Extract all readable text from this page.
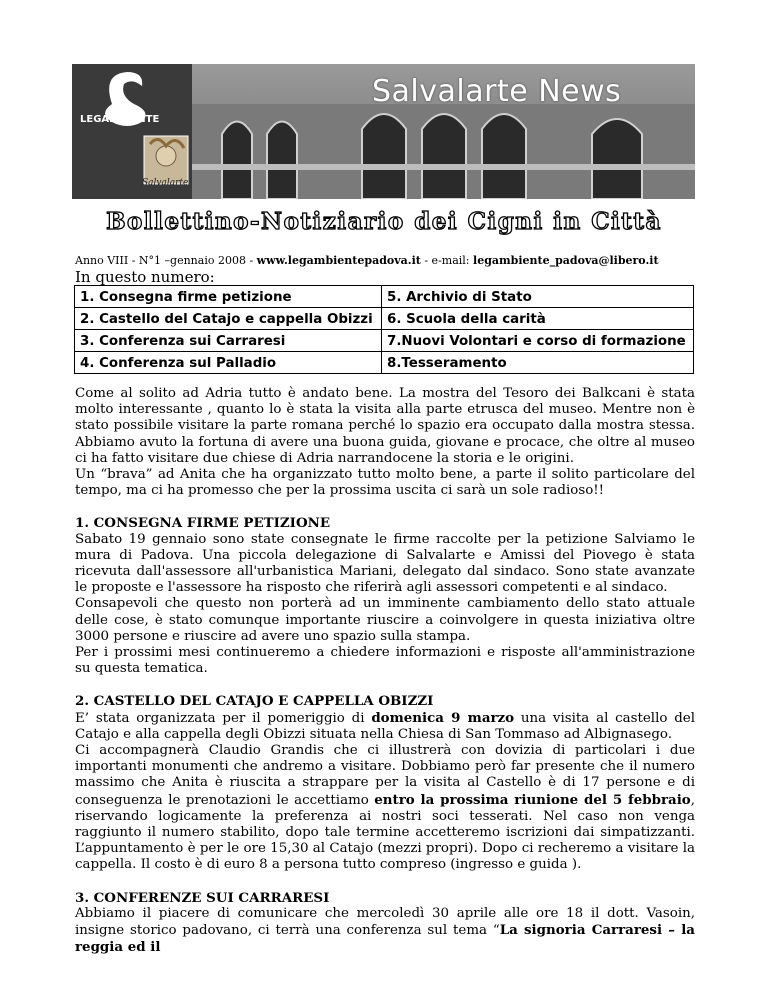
Salvalarte News
LEGAMBIENTE
Salvalarte
Bollettino-Notiziario dei Cigni in Città
Anno VIII - N°1 –gennaio 2008 - www.legambientepadova.it - e-mail: legambiente_padova@libero.it
In questo numero:
1. Consegna firme petizione	5. Archivio di Stato
2. Castello del Catajo e cappella Obizzi	6. Scuola della carità
3. Conferenza sui Carraresi	7.Nuovi Volontari e corso di formazione
4. Conferenza sul Palladio	8.Tesseramento

Come al solito ad Adria tutto è andato bene. La mostra del Tesoro dei Balkcani è stata molto interessante , quanto lo è stata la visita alla parte etrusca del museo. Mentre non è stato possibile visitare la parte romana perché lo spazio era occupato dalla mostra stessa. Abbiamo avuto la fortuna di avere una buona guida, giovane e procace, che oltre al museo ci ha fatto visitare due chiese di Adria narrandocene la storia e le origini.

Un “brava” ad Anita che ha organizzato tutto molto bene, a parte il solito particolare del tempo, ma ci ha promesso che per la prossima uscita ci sarà un sole radioso!!

1. CONSEGNA FIRME PETIZIONE

Sabato 19 gennaio sono state consegnate le firme raccolte per la petizione Salviamo le mura di Padova. Una piccola delegazione di Salvalarte e Amissi del Piovego è stata ricevuta dall'assessore all'urbanistica Mariani, delegato dal sindaco. Sono state avanzate le proposte e l'assessore ha risposto che riferirà agli assessori competenti e al sindaco.

Consapevoli che questo non porterà ad un imminente cambiamento dello stato attuale delle cose, è stato comunque importante riuscire a coinvolgere in questa iniziativa oltre 3000 persone e riuscire ad avere uno spazio sulla stampa.

Per i prossimi mesi continueremo a chiedere informazioni e risposte all'amministrazione su questa tematica.

2. CASTELLO DEL CATAJO E CAPPELLA OBIZZI

E’ stata organizzata per il pomeriggio di domenica 9 marzo una visita al castello del Catajo e alla cappella degli Obizzi situata nella Chiesa di San Tommaso ad Albignasego.

Ci accompagnerà Claudio Grandis che ci illustrerà con dovizia di particolari i due importanti monumenti che andremo a visitare. Dobbiamo però far presente che il numero massimo che Anita è riuscita a strappare per la visita al Castello è di 17 persone e di conseguenza le prenotazioni le accettiamo entro la prossima riunione del 5 febbraio, riservando logicamente la preferenza ai nostri soci tesserati. Nel caso non venga raggiunto il numero stabilito, dopo tale termine accetteremo iscrizioni dai simpatizzanti. L’appuntamento è per le ore 15,30 al Catajo (mezzi propri). Dopo ci recheremo a visitare la cappella. Il costo è di euro 8 a persona tutto compreso (ingresso e guida ).

3. CONFERENZE SUI CARRARESI

Abbiamo il piacere di comunicare che mercoledì 30 aprile alle ore 18 il dott. Vasoin, insigne storico padovano, ci terrà una conferenza sul tema “La signoria Carraresi – la reggia ed il
